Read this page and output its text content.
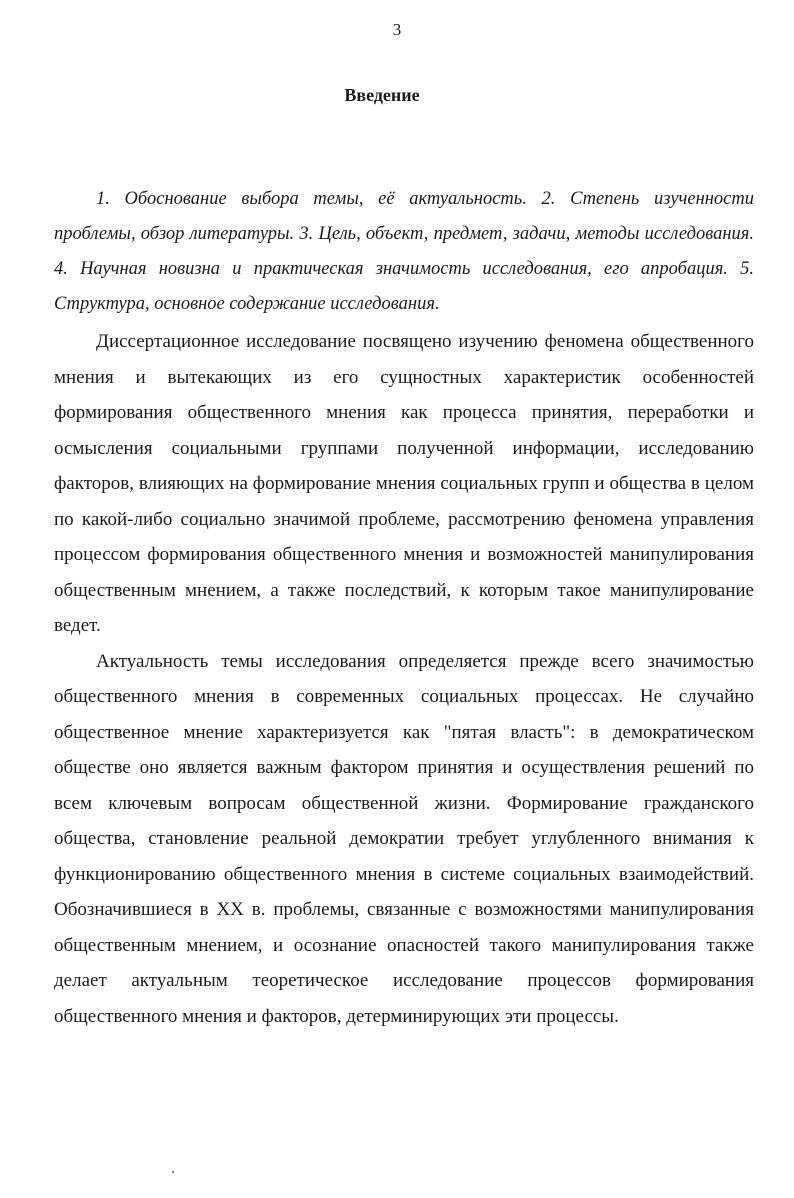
3
Введение

1. Обоснование выбора темы, её актуальность. 2. Степень изученности проблемы, обзор литературы. 3. Цель, объект, предмет, задачи, методы исследования. 4. Научная новизна и практическая значимость исследования, его апробация. 5. Структура, основное содержание исследования.

Диссертационное исследование посвящено изучению феномена общественного мнения и вытекающих из его сущностных характеристик особенностей формирования общественного мнения как процесса принятия, переработки и осмысления социальными группами полученной информации, исследованию факторов, влияющих на формирование мнения социальных групп и общества в целом по какой-либо социально значимой проблеме, рассмотрению феномена управления процессом формирования общественного мнения и возможностей манипулирования общественным мнением, а также последствий, к которым такое манипулирование ведет.

Актуальность темы исследования определяется прежде всего значимостью общественного мнения в современных социальных процессах. Не случайно общественное мнение характеризуется как "пятая власть": в демократическом обществе оно является важным фактором принятия и осуществления решений по всем ключевым вопросам общественной жизни. Формирование гражданского общества, становление реальной демократии требует углубленного внимания к функционированию общественного мнения в системе социальных взаимодействий. Обозначившиеся в XX в. проблемы, связанные с возможностями манипулирования общественным мнением, и осознание опасностей такого манипулирования также делает актуальным теоретическое исследование процессов формирования общественного мнения и факторов, детерминирующих эти процессы.
